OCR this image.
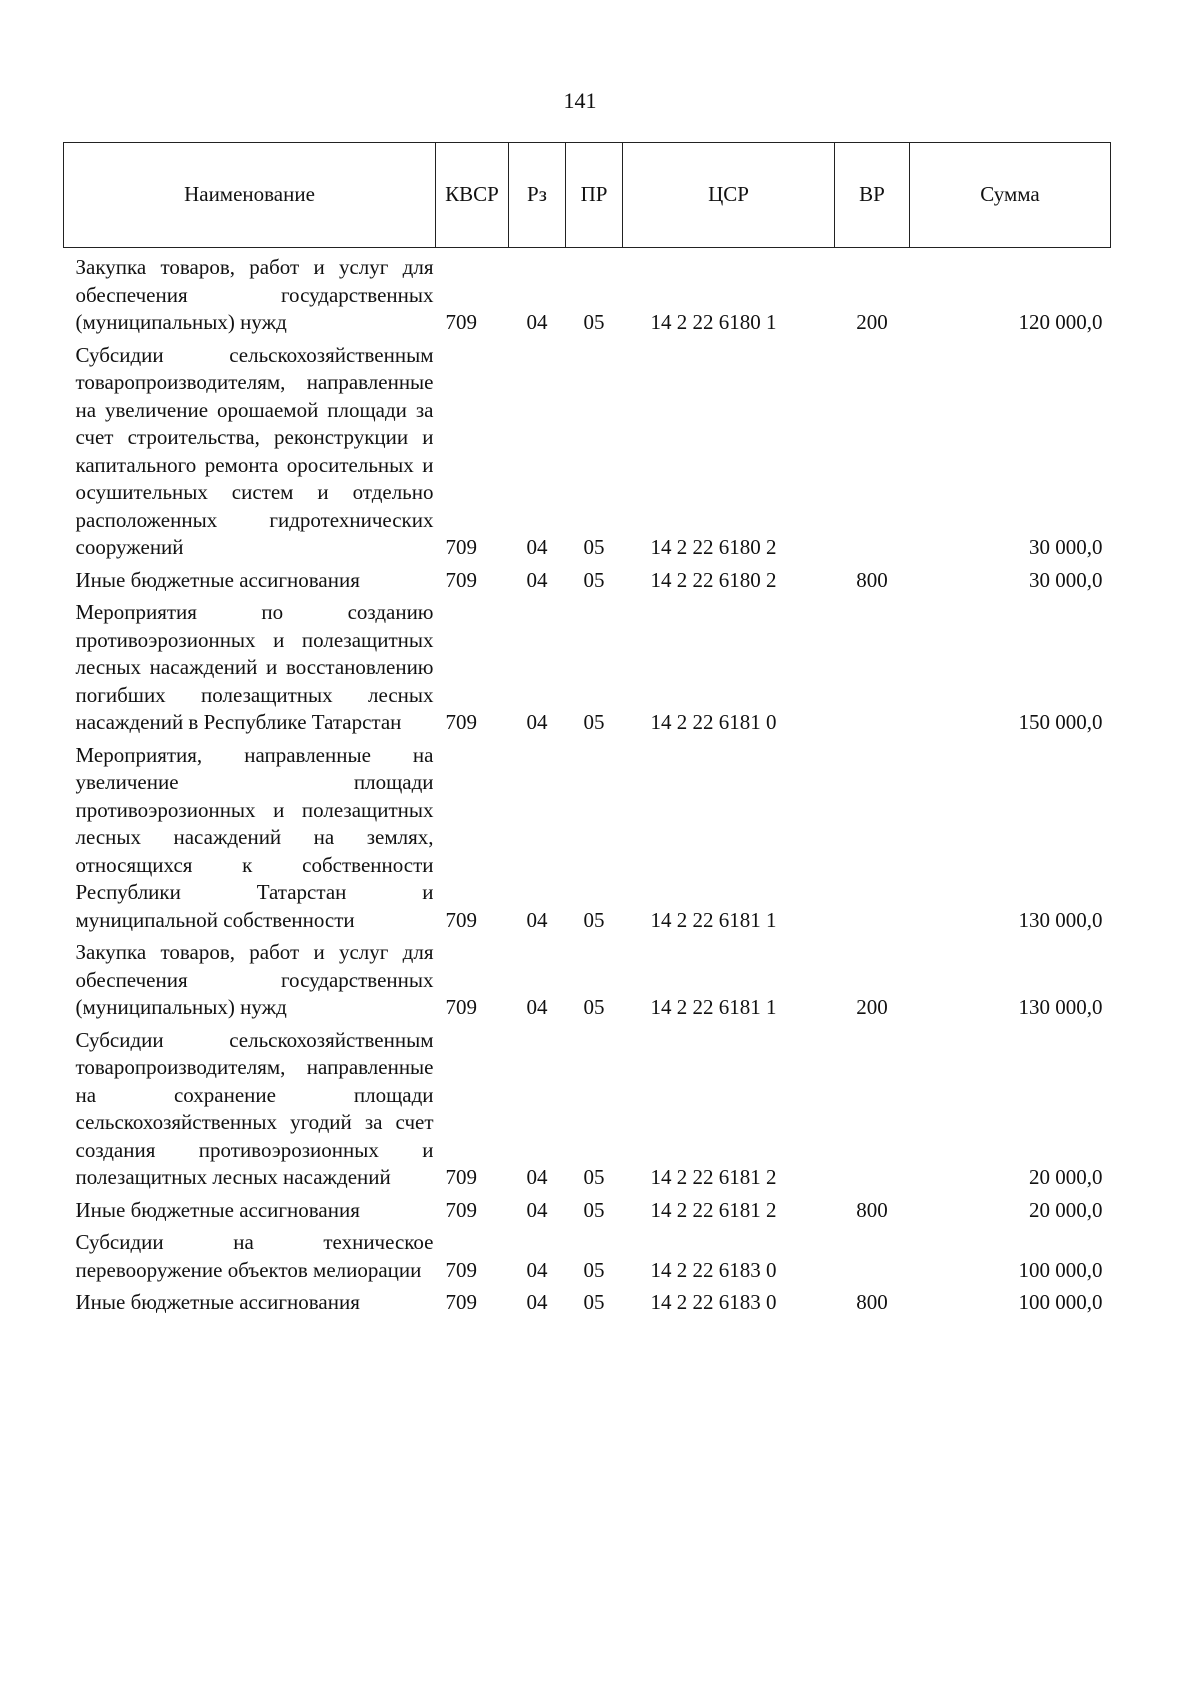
141
Наименование	КВСР	Рз	ПР	ЦСР	ВР	Сумма
Закупка товаров, работ и услуг для обеспечения государственных (муниципальных) нужд	709	04	05	14 2 22 6180 1	200	120 000,0
Субсидии сельскохозяйственным товаропроизводителям, направленные на увеличение орошаемой площади за счет строительства, реконструкции и капитального ремонта оросительных и осушительных систем и отдельно расположенных гидротехнических сооружений	709	04	05	14 2 22 6180 2		30 000,0
Иные бюджетные ассигнования	709	04	05	14 2 22 6180 2	800	30 000,0
Мероприятия по созданию противоэрозионных и полезащитных лесных насаждений и восстановлению погибших полезащитных лесных насаждений в Республике Татарстан	709	04	05	14 2 22 6181 0		150 000,0
Мероприятия, направленные на увеличение площади противоэрозионных и полезащитных лесных насаждений на землях, относящихся к собственности Республики Татарстан и муниципальной собственности	709	04	05	14 2 22 6181 1		130 000,0
Закупка товаров, работ и услуг для обеспечения государственных (муниципальных) нужд	709	04	05	14 2 22 6181 1	200	130 000,0
Субсидии сельскохозяйственным товаропроизводителям, направленные на сохранение площади сельскохозяйственных угодий за счет создания противоэрозионных и полезащитных лесных насаждений	709	04	05	14 2 22 6181 2		20 000,0
Иные бюджетные ассигнования	709	04	05	14 2 22 6181 2	800	20 000,0
Субсидии на техническое перевооружение объектов мелиорации	709	04	05	14 2 22 6183 0		100 000,0
Иные бюджетные ассигнования	709	04	05	14 2 22 6183 0	800	100 000,0
